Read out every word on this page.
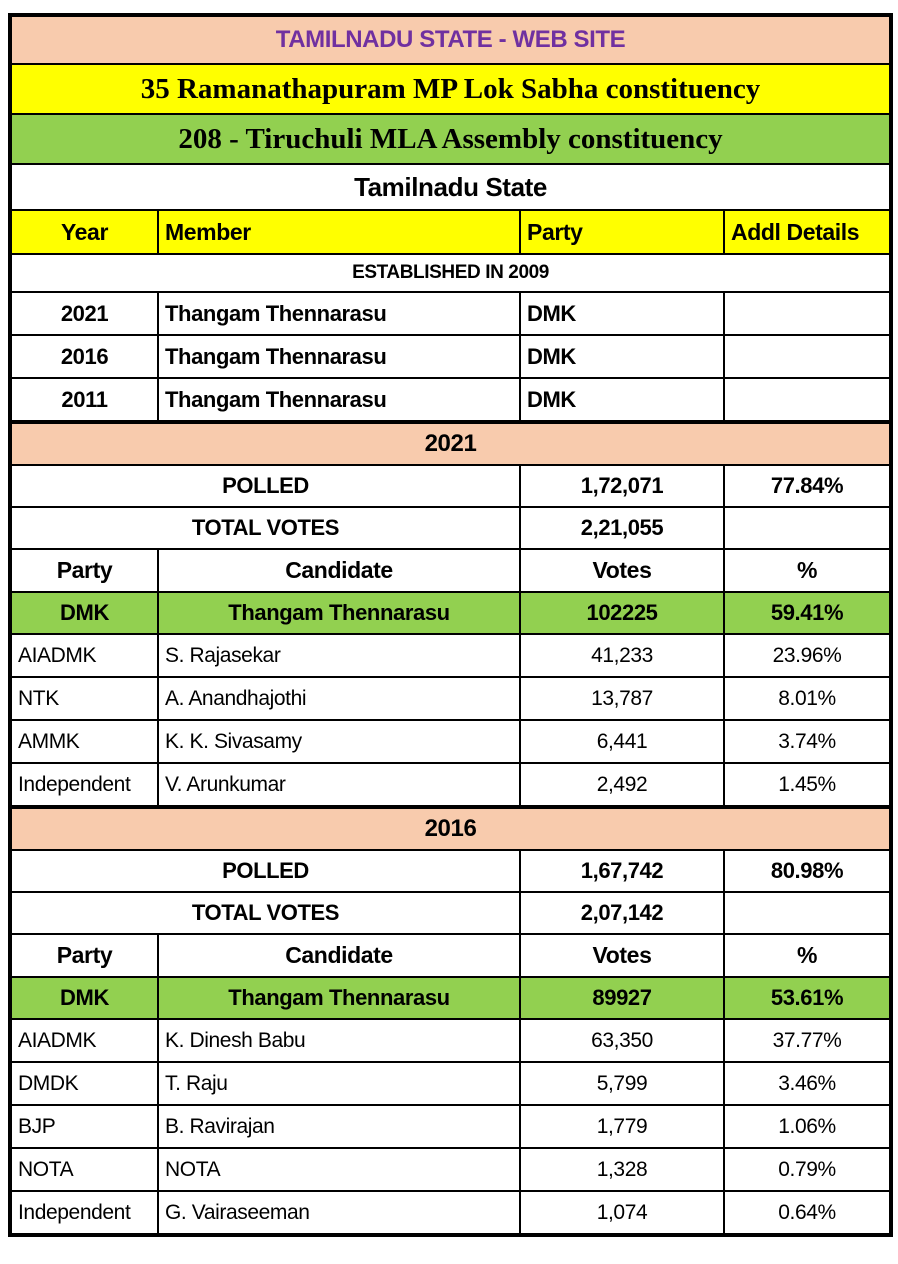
TAMILNADU STATE - WEB SITE			
35 Ramanathapuram MP Lok Sabha constituency			
208 - Tiruchuli MLA Assembly constituency			
Tamilnadu State			
Year	Member	Party	Addl Details
ESTABLISHED IN 2009			
2021	Thangam Thennarasu	DMK	
2016	Thangam Thennarasu	DMK	
2011	Thangam Thennarasu	DMK	
2021			
POLLED		1,72,071	77.84%
TOTAL VOTES		2,21,055	
Party	Candidate	Votes	%
DMK	Thangam Thennarasu	102225	59.41%
AIADMK	S. Rajasekar	41,233	23.96%
NTK	A. Anandhajothi	13,787	8.01%
AMMK	K. K. Sivasamy	6,441	3.74%
Independent	V. Arunkumar	2,492	1.45%
2016			
POLLED		1,67,742	80.98%
TOTAL VOTES		2,07,142	
Party	Candidate	Votes	%
DMK	Thangam Thennarasu	89927	53.61%
AIADMK	K. Dinesh Babu	63,350	37.77%
DMDK	T. Raju	5,799	3.46%
BJP	B. Ravirajan	1,779	1.06%
NOTA	NOTA	1,328	0.79%
Independent	G. Vairaseeman	1,074	0.64%
